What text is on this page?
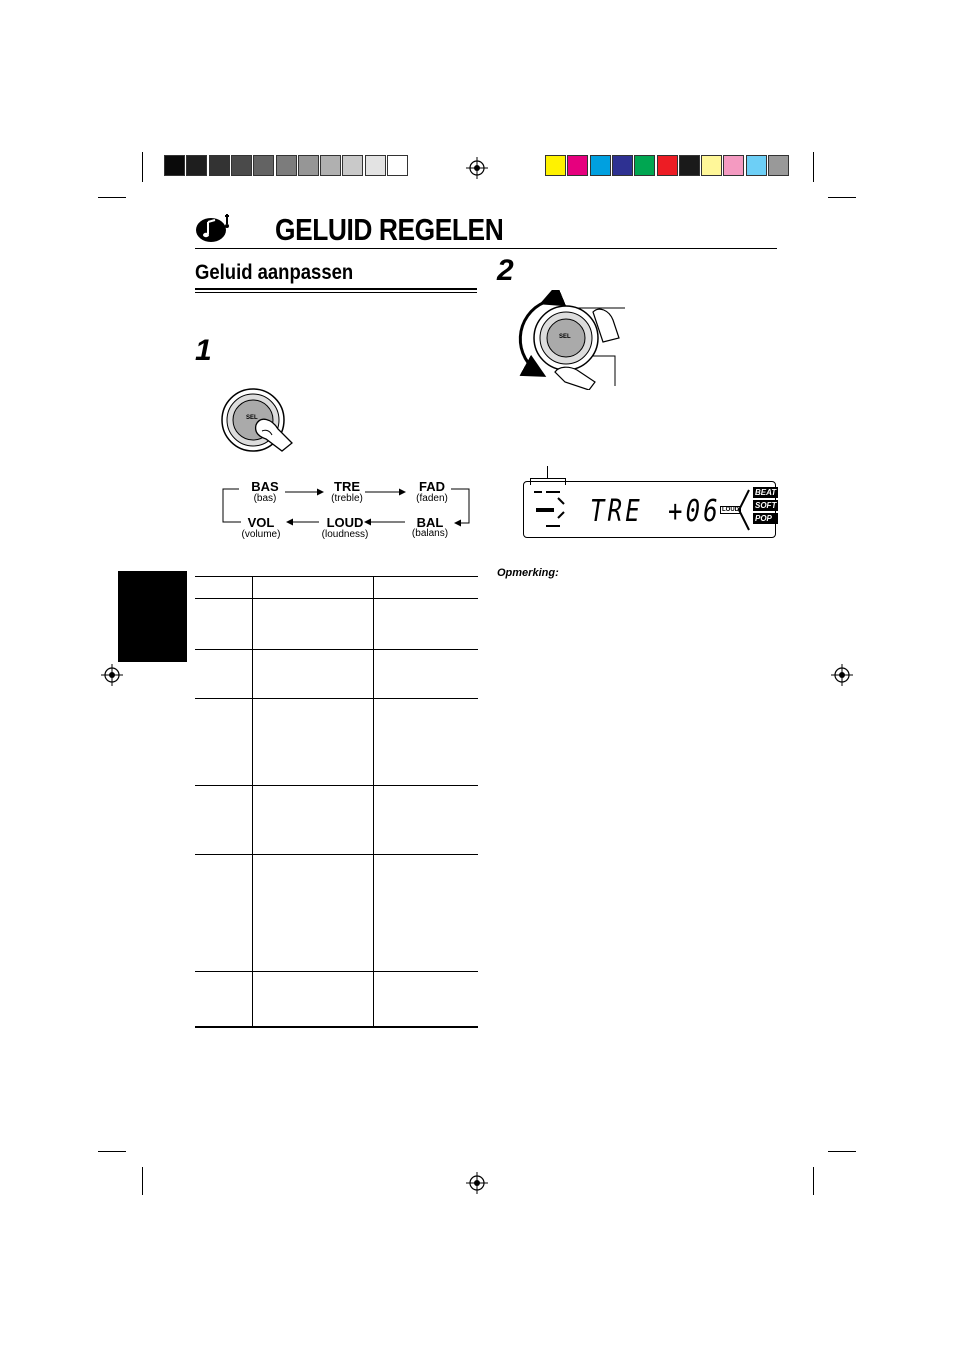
GELUID REGELEN
Geluid aanpassen
1
SEL
BAS
(bas)
TRE
(treble)
FAD
(faden)
VOL
(volume)
LOUD
(loudness)
BAL
(balans)
2
SEL
TRE +06 LOUD
BEAT
SOFT
POP
Opmerking:
